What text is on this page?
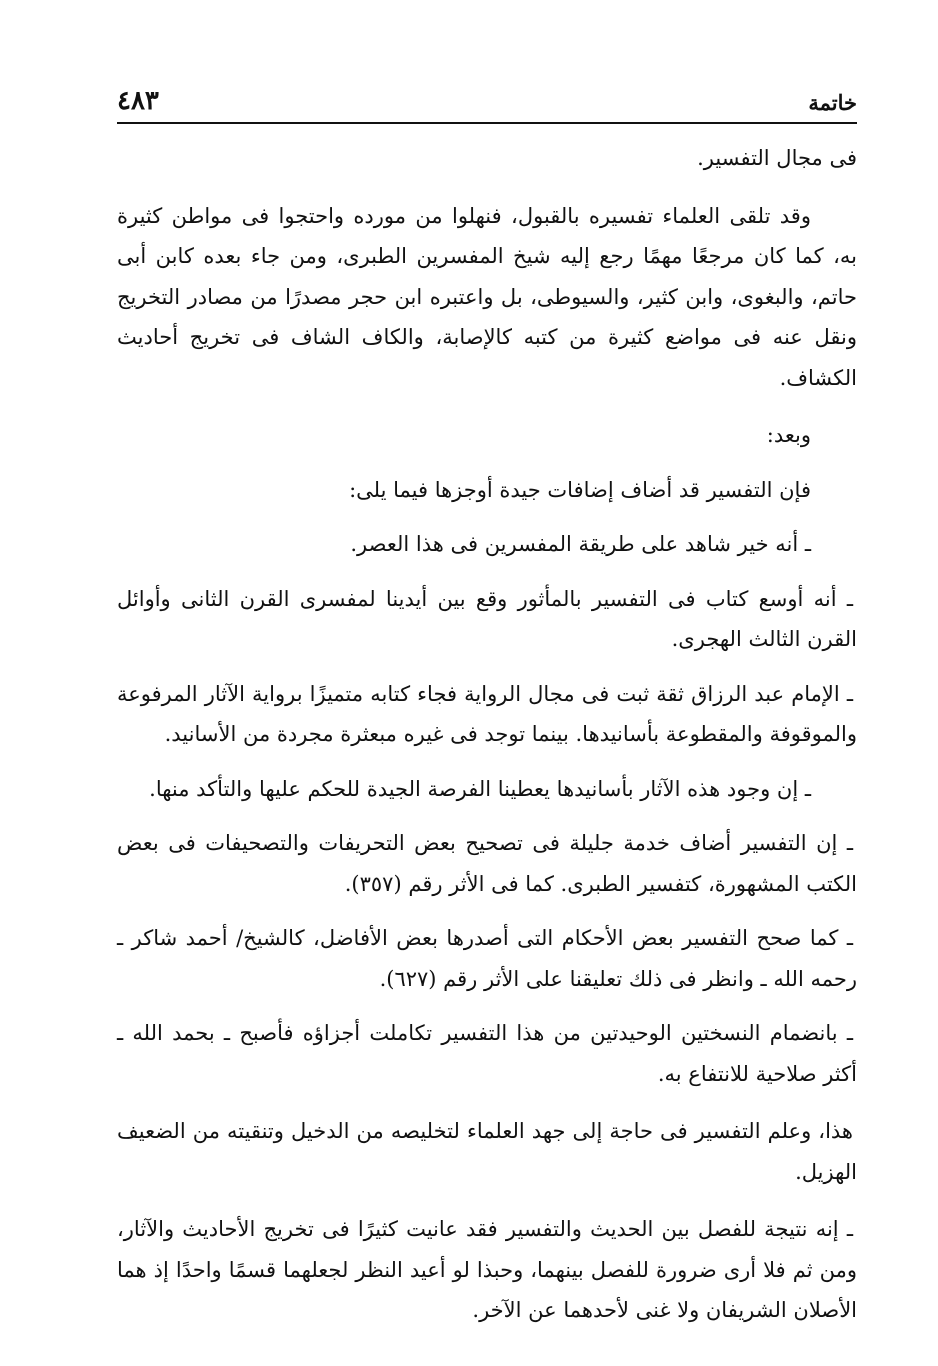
خاتمة
٤٨٣

فى مجال التفسير.

وقد تلقى العلماء تفسيره بالقبول، فنهلوا من مورده واحتجوا فى مواطن كثيرة به، كما كان مرجعًا مهمًا رجع إليه شيخ المفسرين الطبرى، ومن جاء بعده كابن أبى حاتم، والبغوى، وابن كثير، والسيوطى، بل واعتبره ابن حجر مصدرًا من مصادر التخريج ونقل عنه فى مواضع كثيرة من كتبه كالإصابة، والكاف الشاف فى تخريج أحاديث الكشاف.

وبعد:

فإن التفسير قد أضاف إضافات جيدة أوجزها فيما يلى:

ـ أنه خير شاهد على طريقة المفسرين فى هذا العصر.

ـ أنه أوسع كتاب فى التفسير بالمأثور وقع بين أيدينا لمفسرى القرن الثانى وأوائل القرن الثالث الهجرى.

ـ الإمام عبد الرزاق ثقة ثبت فى مجال الرواية فجاء كتابه متميزًا برواية الآثار المرفوعة والموقوفة والمقطوعة بأسانيدها. بينما توجد فى غيره مبعثرة مجردة من الأسانيد.

ـ إن وجود هذه الآثار بأسانيدها يعطينا الفرصة الجيدة للحكم عليها والتأكد منها.

ـ إن التفسير أضاف خدمة جليلة فى تصحيح بعض التحريفات والتصحيفات فى بعض الكتب المشهورة، كتفسير الطبرى. كما فى الأثر رقم (٣٥٧).

ـ كما صحح التفسير بعض الأحكام التى أصدرها بعض الأفاضل، كالشيخ/ أحمد شاكر ـ رحمه الله ـ وانظر فى ذلك تعليقنا على الأثر رقم (٦٢٧).

ـ بانضمام النسختين الوحيدتين من هذا التفسير تكاملت أجزاؤه فأصبح ـ بحمد الله ـ أكثر صلاحية للانتفاع به.

هذا، وعلم التفسير فى حاجة إلى جهد العلماء لتخليصه من الدخيل وتنقيته من الضعيف الهزيل.

ـ إنه نتيجة للفصل بين الحديث والتفسير فقد عانيت كثيرًا فى تخريج الأحاديث والآثار، ومن ثم فلا أرى ضرورة للفصل بينهما، وحبذا لو أعيد النظر لجعلهما قسمًا واحدًا إذ هما الأصلان الشريفان ولا غنى لأحدهما عن الآخر.
